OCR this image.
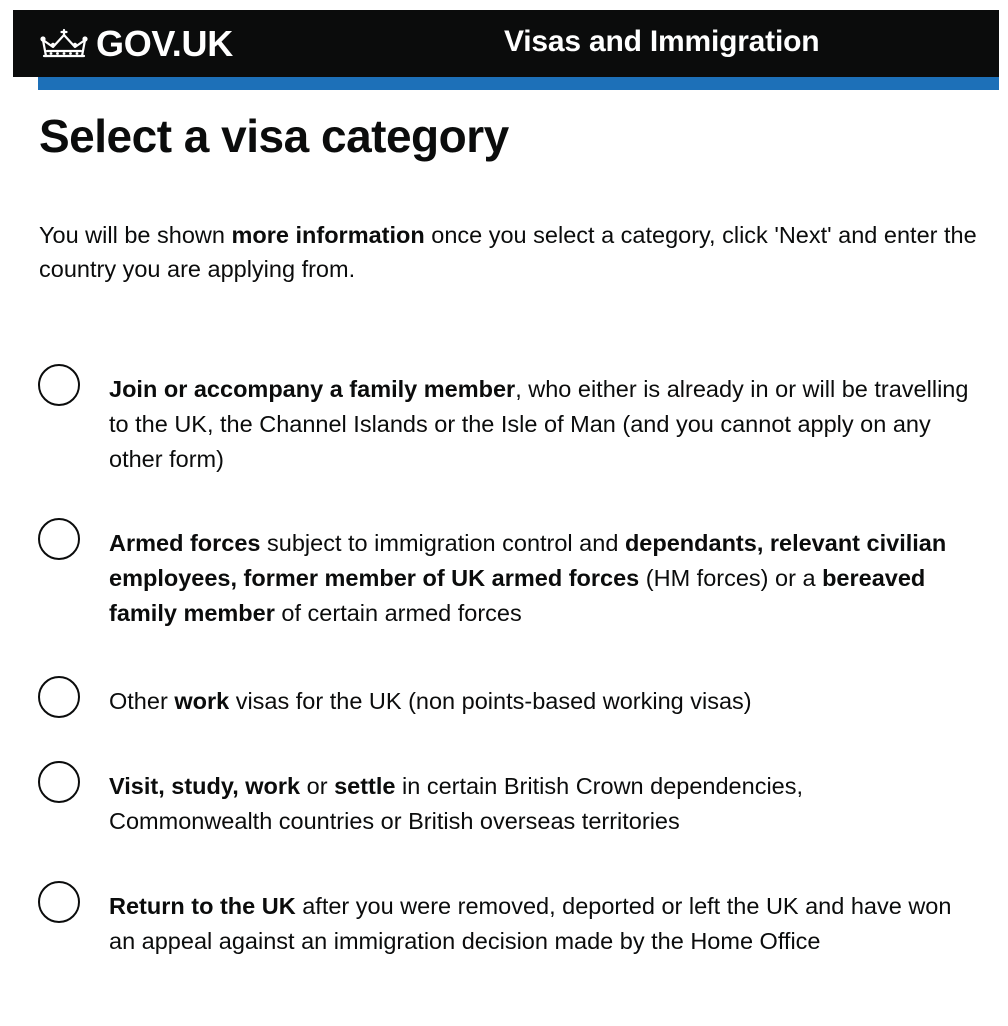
GOV.UK	Visas and Immigration
Select a visa category

You will be shown more information once you select a category, click 'Next' and enter the country you are applying from.

Join or accompany a family member, who either is already in or will be travelling to the UK, the Channel Islands or the Isle of Man (and you cannot apply on any other form)
Armed forces subject to immigration control and dependants, relevant civilian employees, former member of UK armed forces (HM forces) or a bereaved family member of certain armed forces
Other work visas for the UK (non points-based working visas)
Visit, study, work or settle in certain British Crown dependencies, Commonwealth countries or British overseas territories
Return to the UK after you were removed, deported or left the UK and have won an appeal against an immigration decision made by the Home Office
